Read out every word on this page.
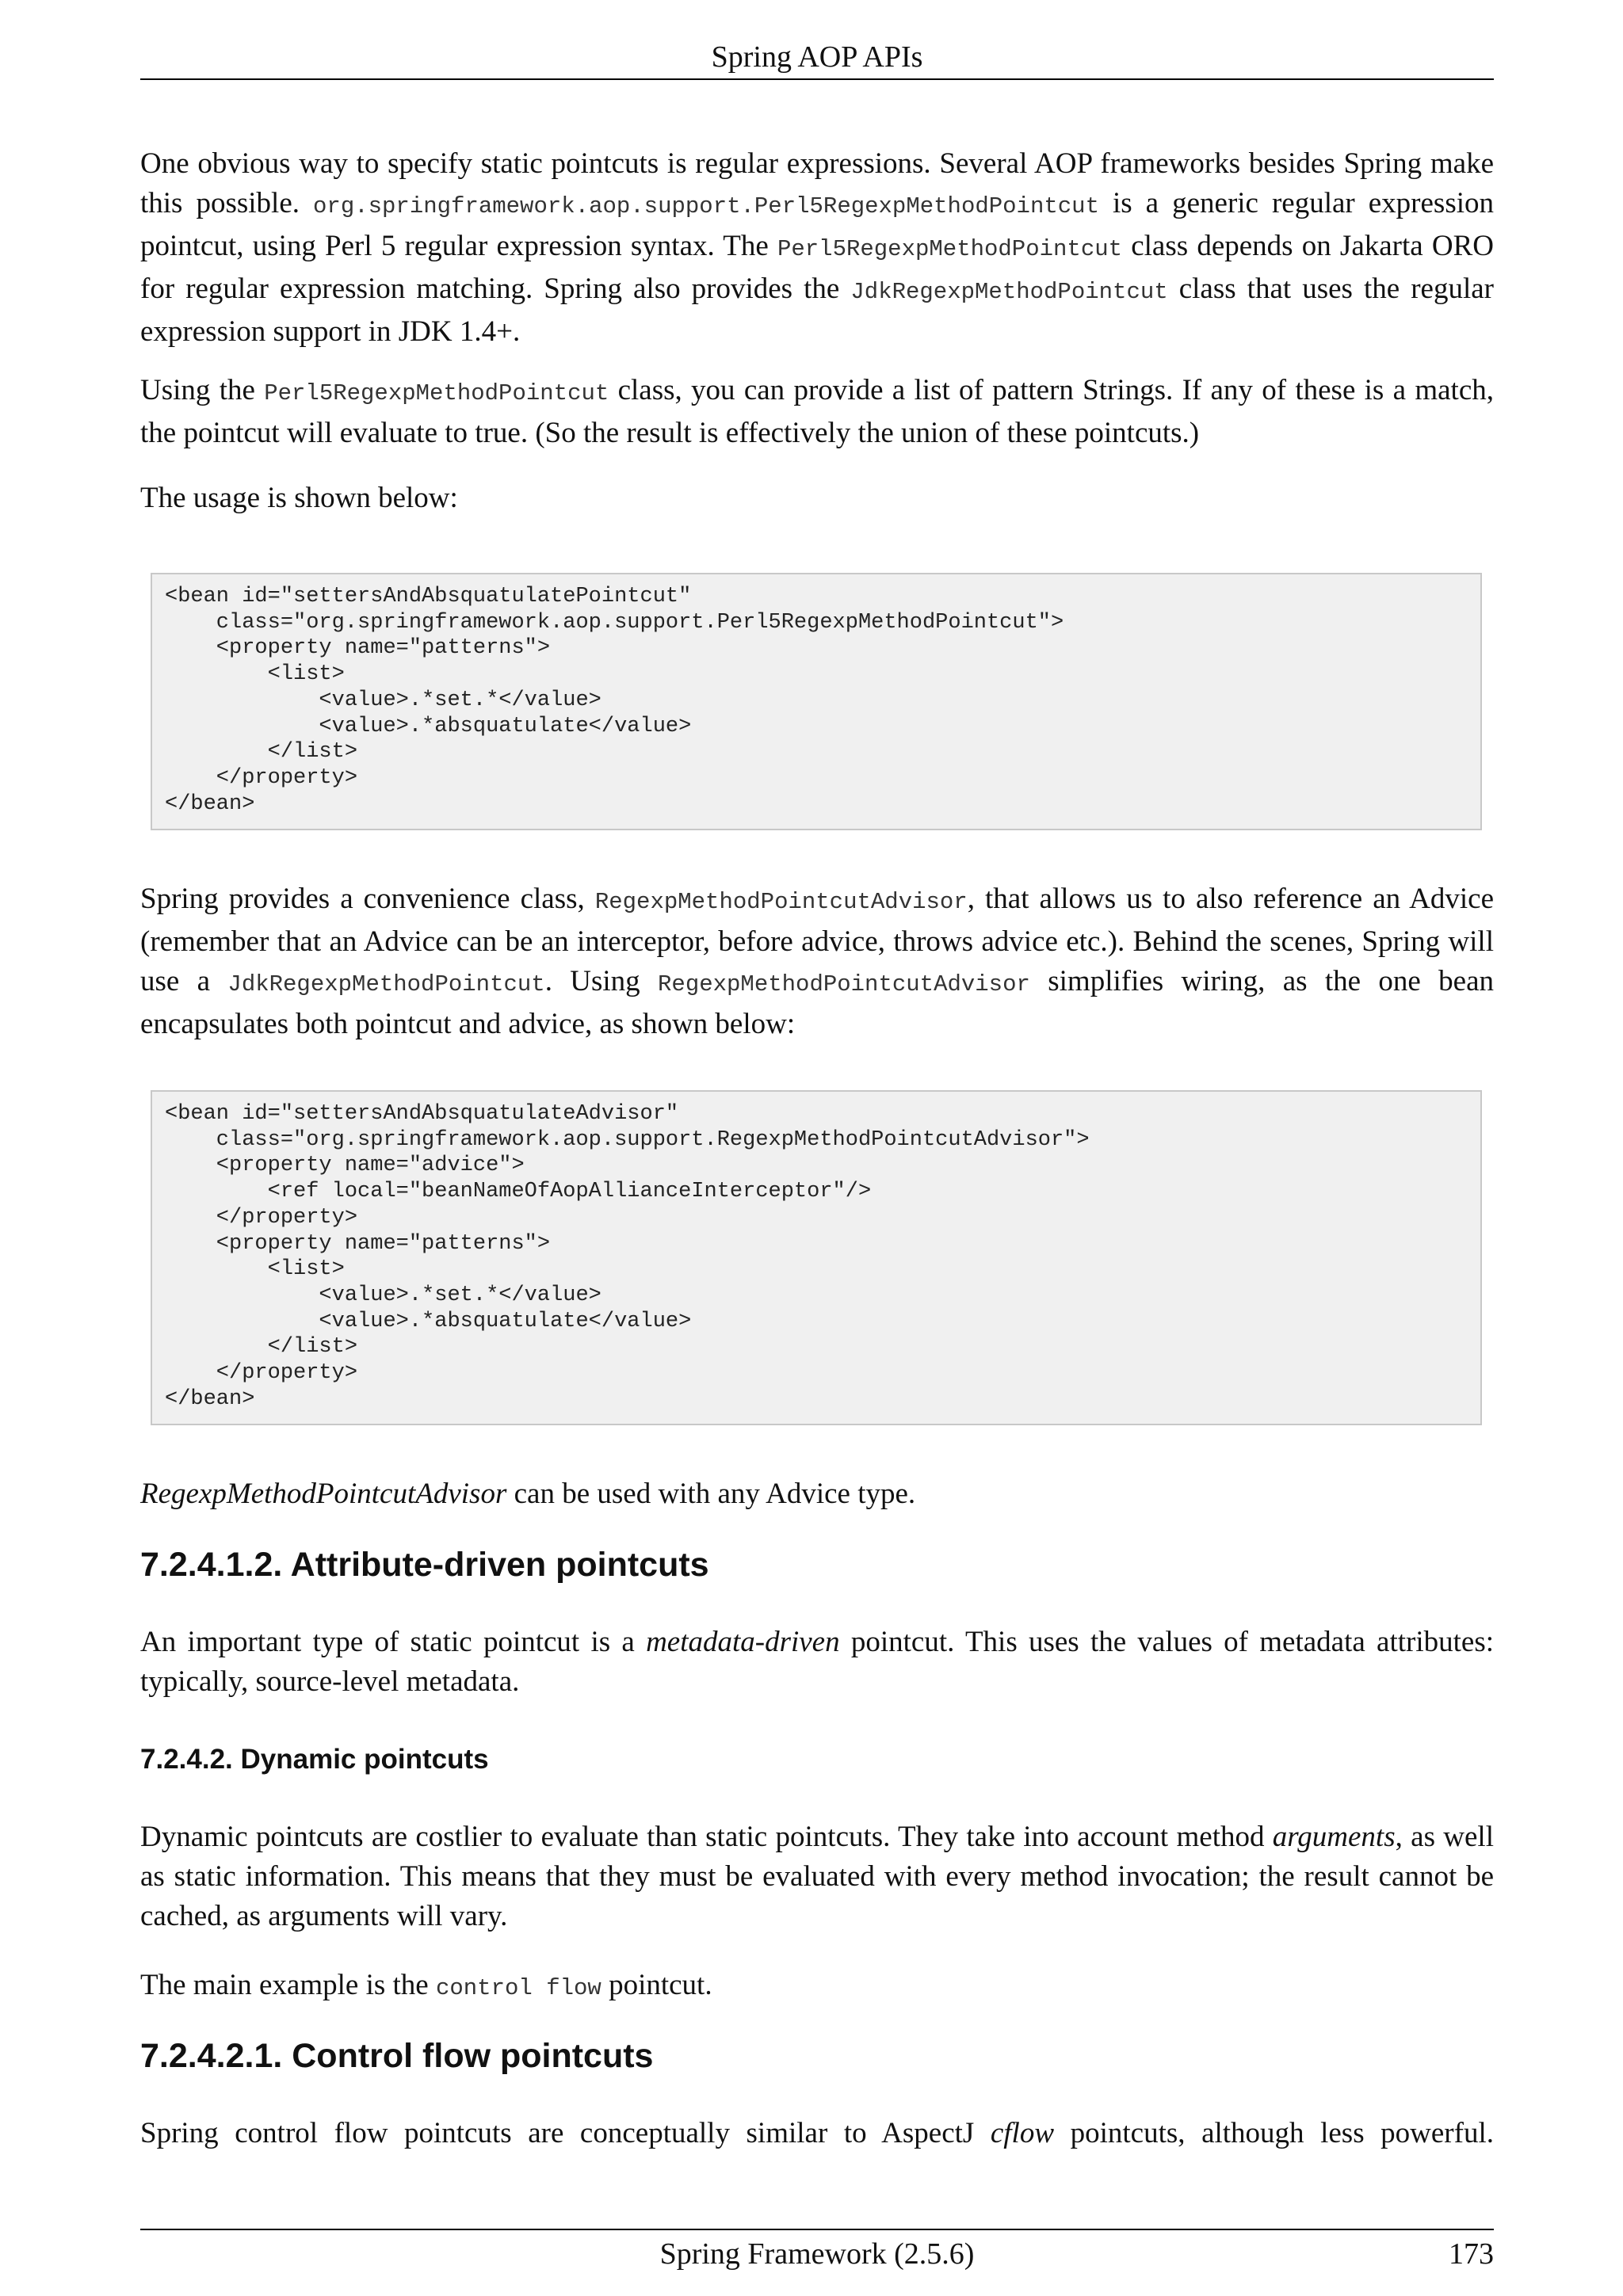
Spring AOP APIs

One obvious way to specify static pointcuts is regular expressions. Several AOP frameworks besides Spring make this possible. org.springframework.aop.support.Perl5RegexpMethodPointcut is a generic regular expression pointcut, using Perl 5 regular expression syntax. The Perl5RegexpMethodPointcut class depends on Jakarta ORO for regular expression matching. Spring also provides the JdkRegexpMethodPointcut class that uses the regular expression support in JDK 1.4+.

Using the Perl5RegexpMethodPointcut class, you can provide a list of pattern Strings. If any of these is a match, the pointcut will evaluate to true. (So the result is effectively the union of these pointcuts.)

The usage is shown below:

<bean id="settersAndAbsquatulatePointcut"
class="org.springframework.aop.support.Perl5RegexpMethodPointcut">
<property name="patterns">
<list>
<value>.*set.*</value>
<value>.*absquatulate</value>
</list>
</property>
</bean>

Spring provides a convenience class, RegexpMethodPointcutAdvisor, that allows us to also reference an Advice (remember that an Advice can be an interceptor, before advice, throws advice etc.). Behind the scenes, Spring will use a JdkRegexpMethodPointcut. Using RegexpMethodPointcutAdvisor simplifies wiring, as the one bean encapsulates both pointcut and advice, as shown below:

<bean id="settersAndAbsquatulateAdvisor"
class="org.springframework.aop.support.RegexpMethodPointcutAdvisor">
<property name="advice">
<ref local="beanNameOfAopAllianceInterceptor"/>
</property>
<property name="patterns">
<list>
<value>.*set.*</value>
<value>.*absquatulate</value>
</list>
</property>
</bean>

RegexpMethodPointcutAdvisor can be used with any Advice type.

7.2.4.1.2. Attribute-driven pointcuts

An important type of static pointcut is a metadata-driven pointcut. This uses the values of metadata attributes: typically, source-level metadata.

7.2.4.2. Dynamic pointcuts

Dynamic pointcuts are costlier to evaluate than static pointcuts. They take into account method arguments, as well as static information. This means that they must be evaluated with every method invocation; the result cannot be cached, as arguments will vary.

The main example is the control flow pointcut.

7.2.4.2.1. Control flow pointcuts

Spring control flow pointcuts are conceptually similar to AspectJ cflow pointcuts, although less powerful.

Spring Framework (2.5.6)	173
